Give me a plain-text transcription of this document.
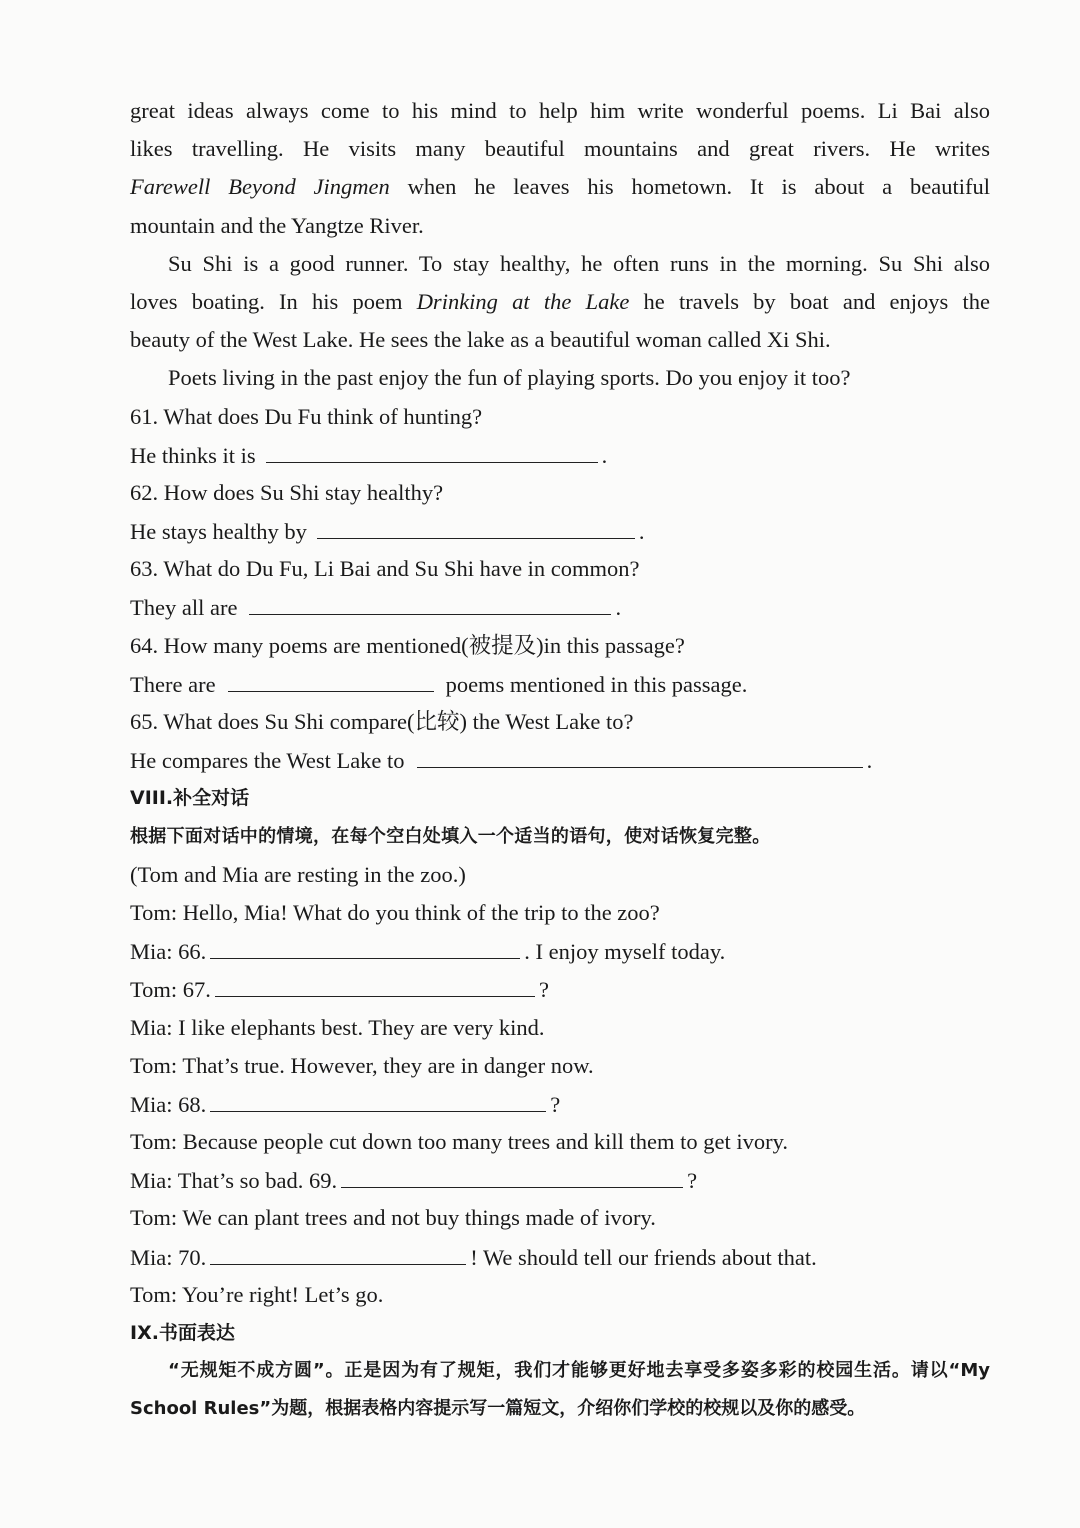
great ideas always come to his mind to help him write wonderful poems. Li Bai also
likes travelling. He visits many beautiful mountains and great rivers. He writes
Farewell Beyond Jingmen when he leaves his hometown. It is about a beautiful
mountain and the Yangtze River.
Su Shi is a good runner. To stay healthy, he often runs in the morning. Su Shi also
loves boating. In his poem Drinking at the Lake he travels by boat and enjoys the
beauty of the West Lake. He sees the lake as a beautiful woman called Xi Shi.
Poets living in the past enjoy the fun of playing sports. Do you enjoy it too?
61. What does Du Fu think of hunting?
He thinks it is	.
62. How does Su Shi stay healthy?
He stays healthy by	.
63. What do Du Fu, Li Bai and Su Shi have in common?
They all are	.
64. How many poems are mentioned(被提及)in this passage?
There are	poems mentioned in this passage.
65. What does Su Shi compare(比较) the West Lake to?
He compares the West Lake to	.
VIII.补全对话
根据下面对话中的情境，在每个空白处填入一个适当的语句，使对话恢复完整。
(Tom and Mia are resting in the zoo.)
Tom: Hello, Mia! What do you think of the trip to the zoo?
Mia: 66.	. I enjoy myself today.
Tom: 67.	?
Mia: I like elephants best. They are very kind.
Tom: That’s true. However, they are in danger now.
Mia: 68.	?
Tom: Because people cut down too many trees and kill them to get ivory.
Mia: That’s so bad. 69.	?
Tom: We can plant trees and not buy things made of ivory.
Mia: 70.	! We should tell our friends about that.
Tom: You’re right! Let’s go.
IX.书面表达
“无规矩不成方圆”。正是因为有了规矩，我们才能够更好地去享受多姿多彩的校园生活。请以“My School Rules”为题，根据表格内容提示写一篇短文，介绍你们学校的校规以及你的感受。
